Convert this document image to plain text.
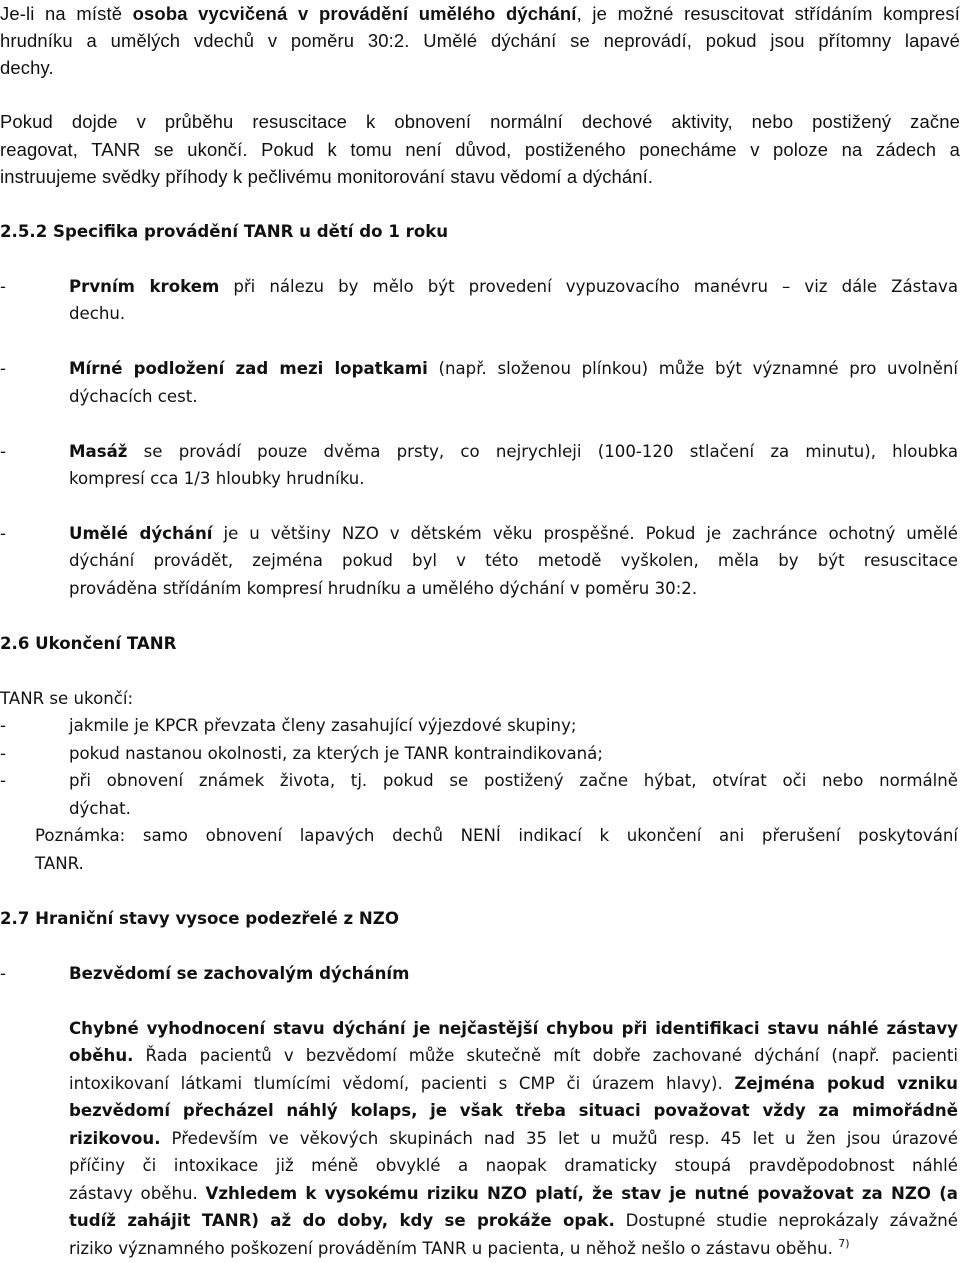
Je-li na místě osoba vycvičená v provádění umělého dýchání, je možné resuscitovat střídáním kompresí
hrudníku a umělých vdechů v poměru 30:2. Umělé dýchání se neprovádí, pokud jsou přítomny lapavé
dechy.
Pokud dojde v průběhu resuscitace k obnovení normální dechové aktivity, nebo postižený začne
reagovat, TANR se ukončí. Pokud k tomu není důvod, postiženého ponecháme v poloze na zádech a
instruujeme svědky příhody k pečlivému monitorování stavu vědomí a dýchání.
2.5.2 Specifika provádění TANR u dětí do 1 roku
-	Prvním krokem při nálezu by mělo být provedení vypuzovacího manévru – viz dále Zástava
dechu.
-	Mírné podložení zad mezi lopatkami (např. složenou plínkou) může být významné pro uvolnění
dýchacích cest.
-	Masáž se provádí pouze dvěma prsty, co nejrychleji (100-120 stlačení za minutu), hloubka
kompresí cca 1/3 hloubky hrudníku.
-	Umělé dýchání je u většiny NZO v dětském věku prospěšné. Pokud je zachránce ochotný umělé
dýchání provádět, zejména pokud byl v této metodě vyškolen, měla by být resuscitace
prováděna střídáním kompresí hrudníku a umělého dýchání v poměru 30:2.
2.6 Ukončení TANR
TANR se ukončí:
-	jakmile je KPCR převzata členy zasahující výjezdové skupiny;
-	pokud nastanou okolnosti, za kterých je TANR kontraindikovaná;
-	při obnovení známek života, tj. pokud se postižený začne hýbat, otvírat oči nebo normálně
dýchat.
Poznámka: samo obnovení lapavých dechů NENÍ indikací k ukončení ani přerušení poskytování
TANR.
2.7 Hraniční stavy vysoce podezřelé z NZO
-	Bezvědomí se zachovalým dýcháním
Chybné vyhodnocení stavu dýchání je nejčastější chybou při identifikaci stavu náhlé zástavy
oběhu. Řada pacientů v bezvědomí může skutečně mít dobře zachované dýchání (např. pacienti
intoxikovaní látkami tlumícími vědomí, pacienti s CMP či úrazem hlavy). Zejména pokud vzniku
bezvědomí přecházel náhlý kolaps, je však třeba situaci považovat vždy za mimořádně
rizikovou. Především ve věkových skupinách nad 35 let u mužů resp. 45 let u žen jsou úrazové
příčiny či intoxikace již méně obvyklé a naopak dramaticky stoupá pravděpodobnost náhlé
zástavy oběhu. Vzhledem k vysokému riziku NZO platí, že stav je nutné považovat za NZO (a
tudíž zahájit TANR) až do doby, kdy se prokáže opak. Dostupné studie neprokázaly závažné
riziko významného poškození prováděním TANR u pacienta, u něhož nešlo o zástavu oběhu. $^{7)}$
